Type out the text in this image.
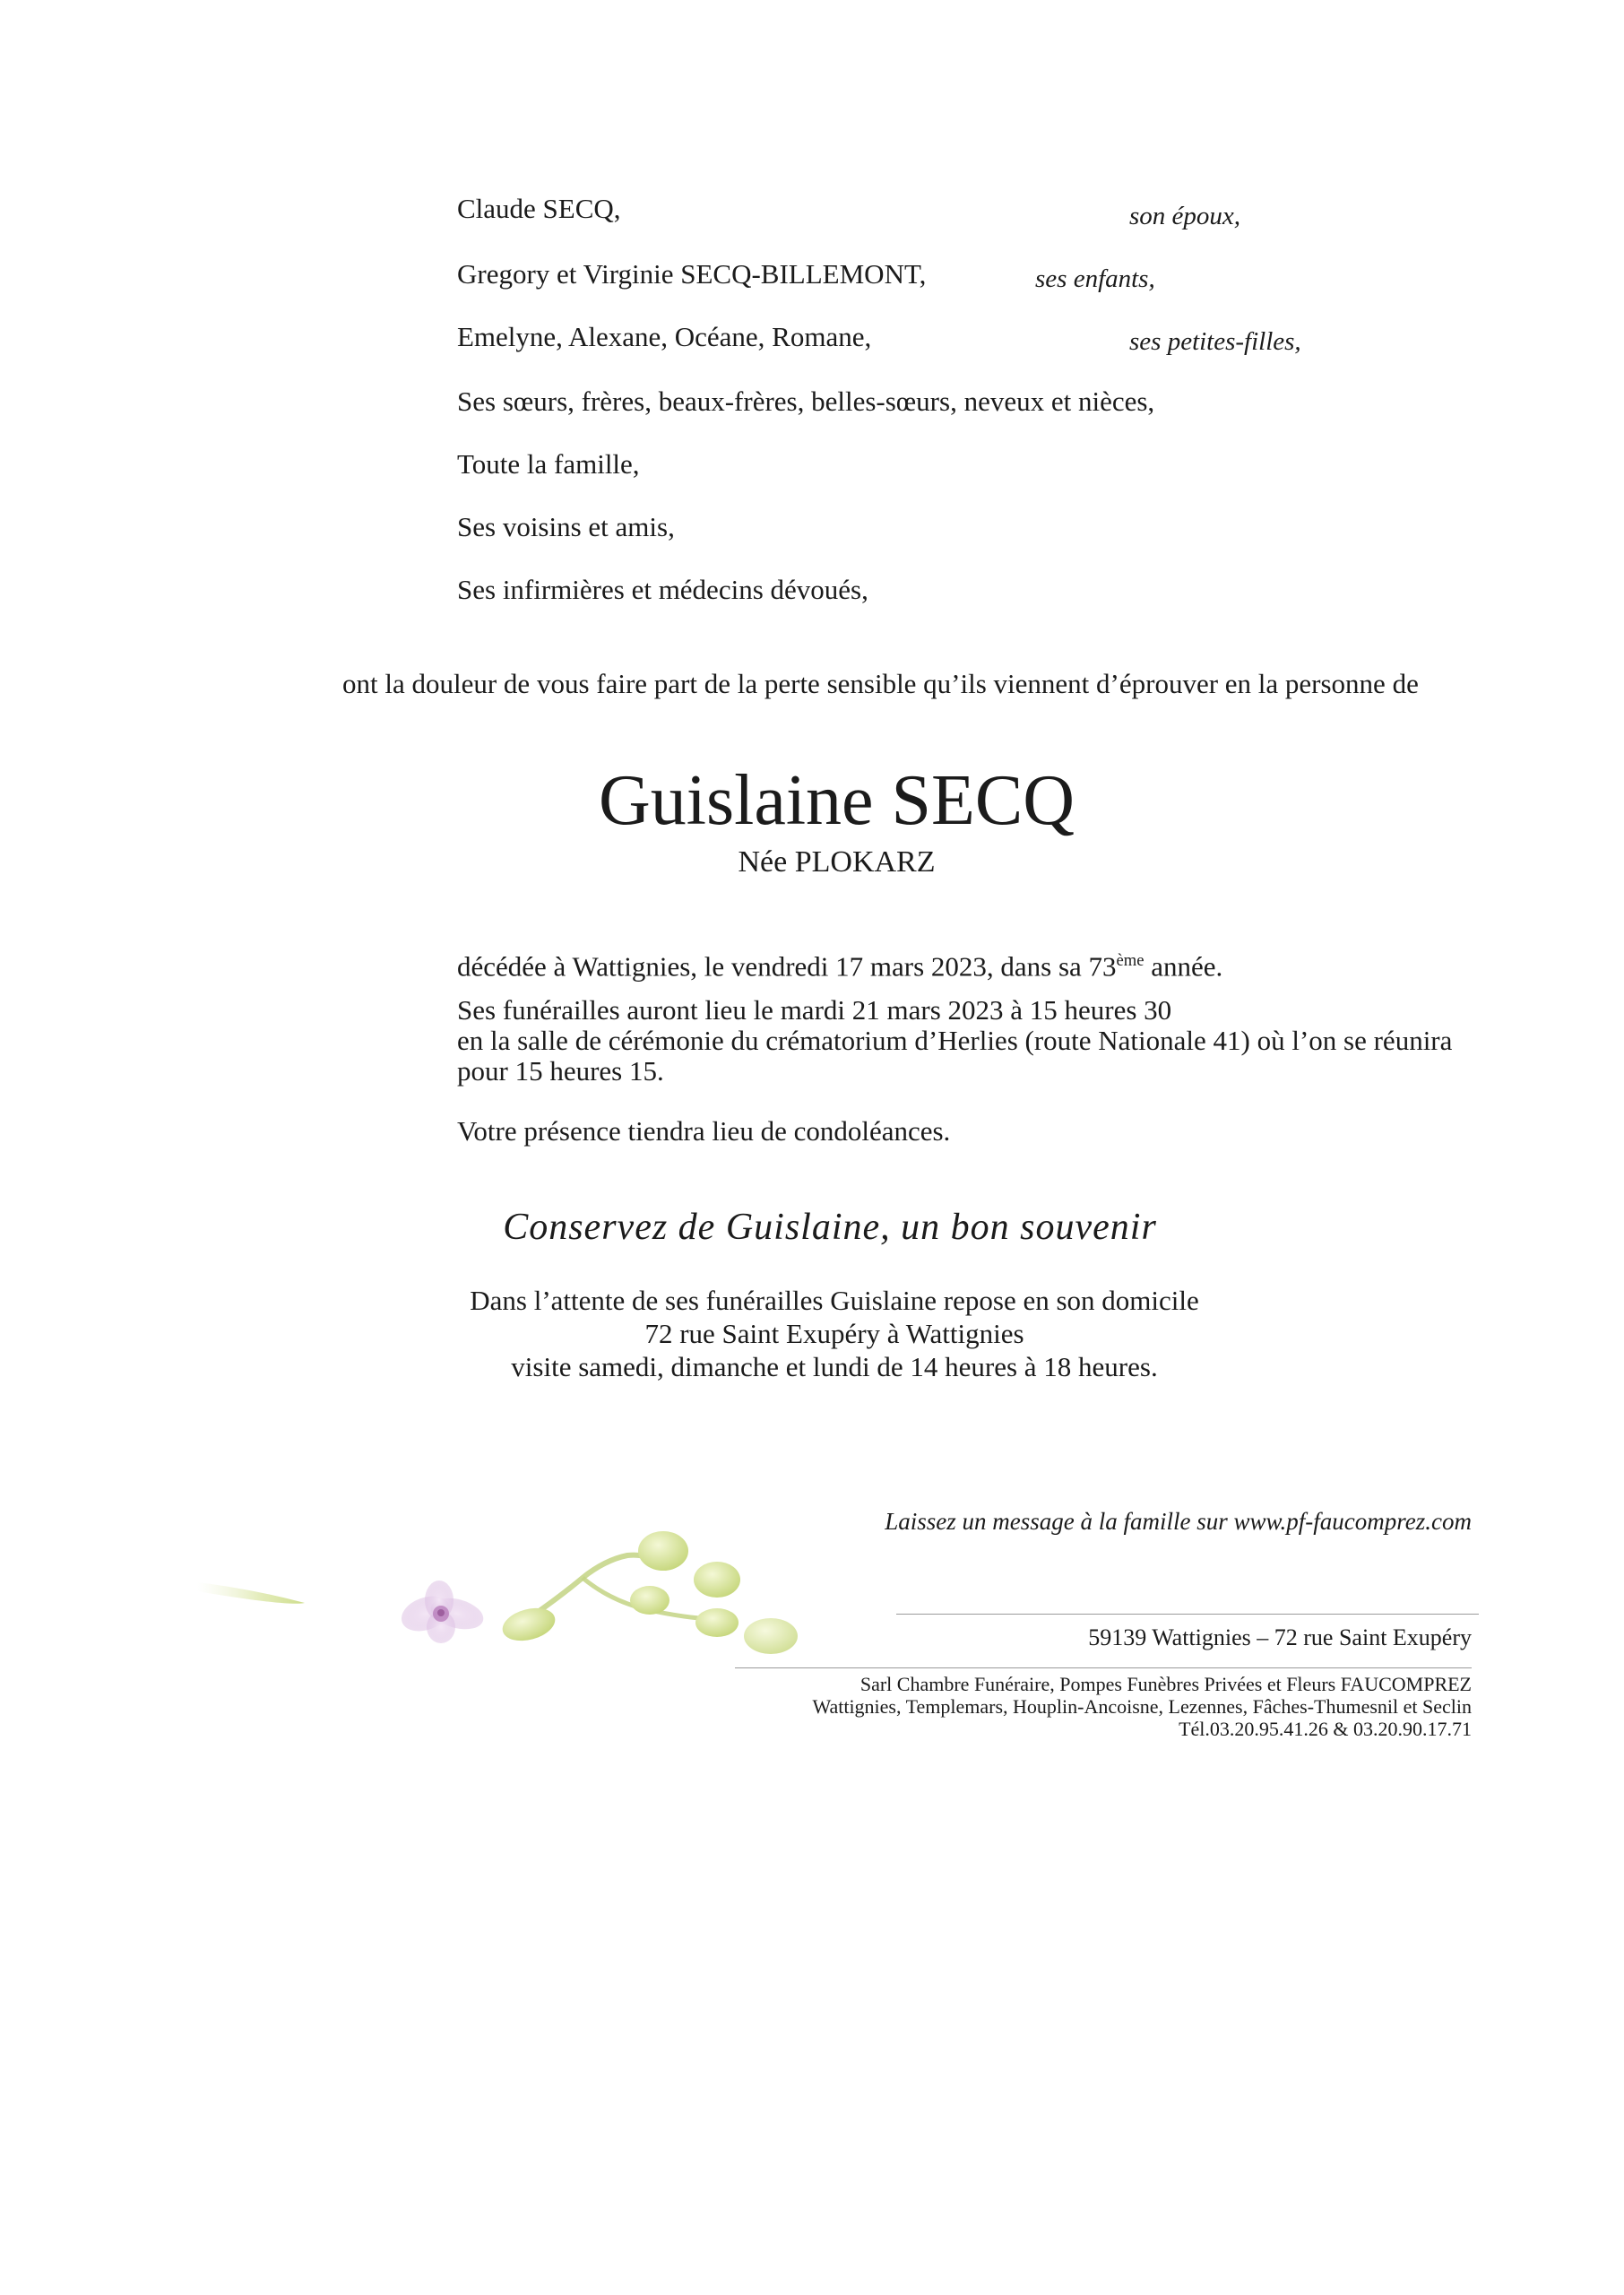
Claude SECQ,	son époux,
Gregory et Virginie SECQ-BILLEMONT,	ses enfants,
Emelyne, Alexane, Océane, Romane,	ses petites-filles,
Ses sœurs, frères, beaux-frères, belles-sœurs, neveux et nièces,
Toute la famille,
Ses voisins et amis,
Ses infirmières et médecins dévoués,
ont la douleur de vous faire part de la perte sensible qu’ils viennent d’éprouver en la personne de
Guislaine SECQ
Née PLOKARZ
décédée à Wattignies, le vendredi 17 mars 2023, dans sa 73ème année.
Ses funérailles auront lieu le mardi 21 mars 2023 à 15 heures 30
en la salle de cérémonie du crématorium d’Herlies (route Nationale 41) où l’on se réunira
pour 15 heures 15.
Votre présence tiendra lieu de condoléances.
Conservez de Guislaine, un bon souvenir
Dans l’attente de ses funérailles Guislaine repose en son domicile
72 rue Saint Exupéry à Wattignies
visite samedi, dimanche et lundi de 14 heures à 18 heures.
Laissez un message à la famille sur www.pf-faucomprez.com
59139 Wattignies – 72 rue Saint Exupéry
Sarl Chambre Funéraire, Pompes Funèbres Privées et Fleurs FAUCOMPREZ
Wattignies, Templemars, Houplin-Ancoisne, Lezennes, Fâches-Thumesnil et Seclin
Tél.03.20.95.41.26 & 03.20.90.17.71
